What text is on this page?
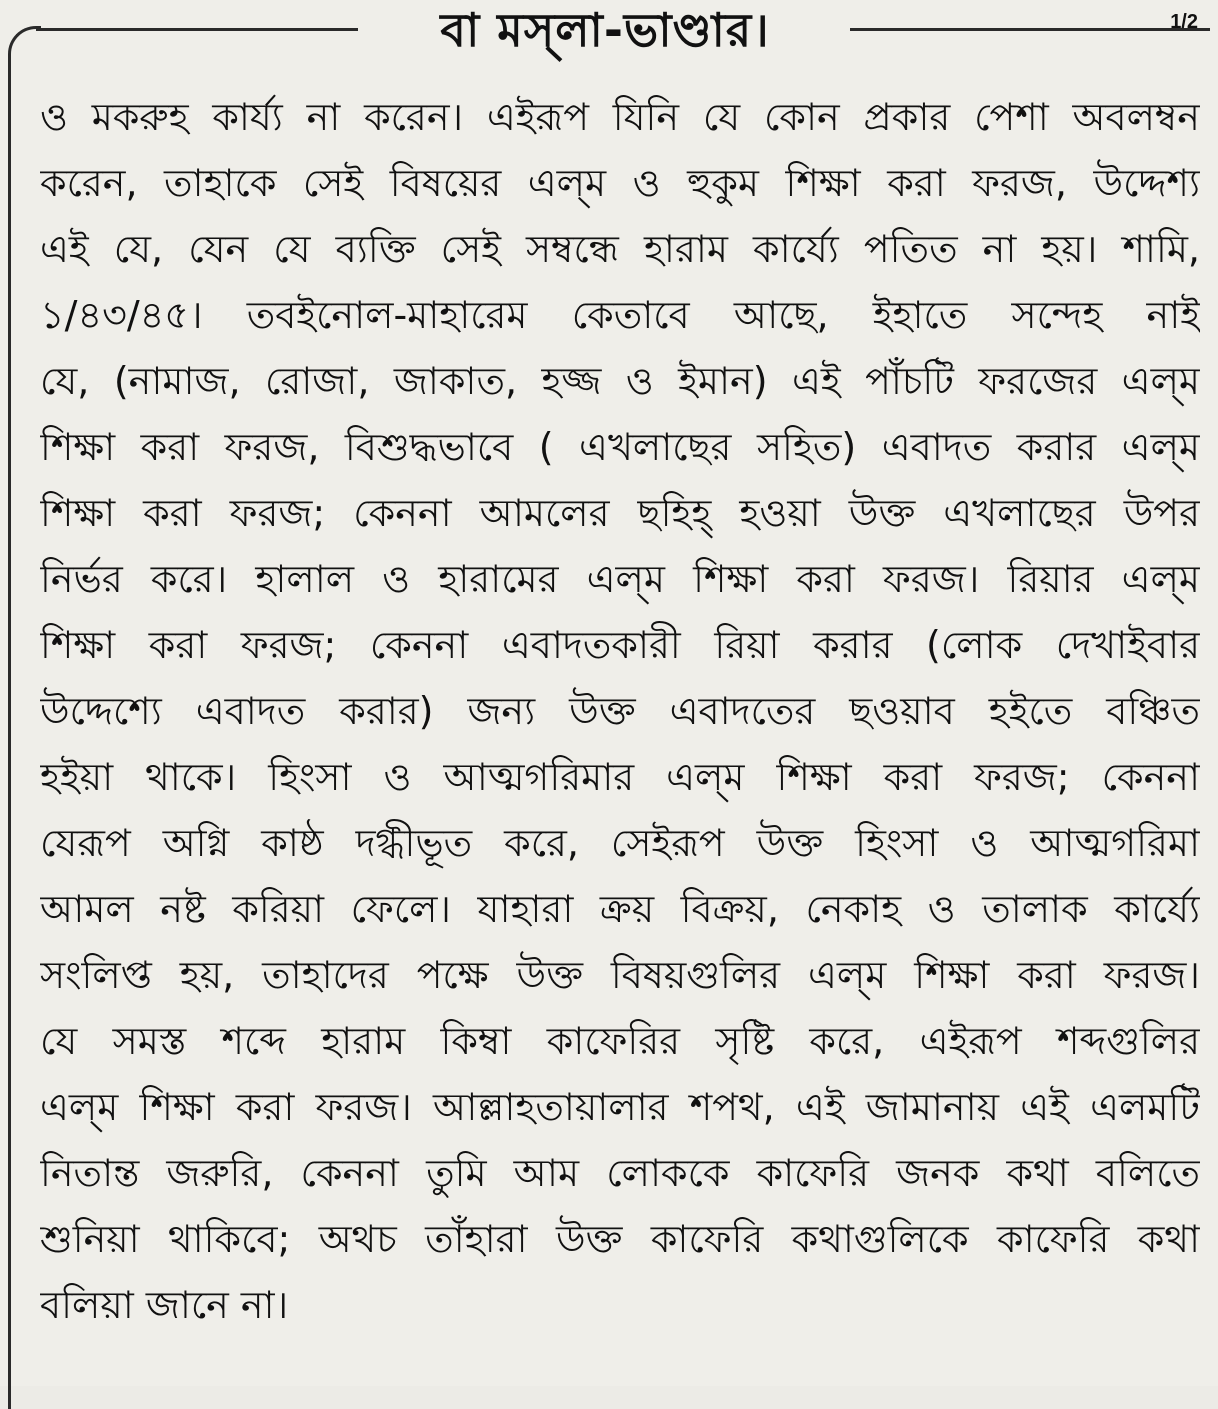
বা মস্‌লা-ভাণ্ডার।	1/2
ও মকরুহ কার্য্য না করেন। এইরূপ যিনি যে কোন প্রকার পেশা অবলম্বন
করেন, তাহাকে সেই বিষয়ের এল্‌ম ও হুকুম শিক্ষা করা ফরজ, উদ্দেশ্য
এই যে, যেন যে ব্যক্তি সেই সম্বন্ধে হারাম কার্য্যে পতিত না হয়। শামি,
১/৪৩/৪৫। তবইনোল-মাহারেম কেতাবে আছে, ইহাতে সন্দেহ নাই
যে, (নামাজ, রোজা, জাকাত, হজ্জ ও ইমান) এই পাঁচটি ফরজের এল্‌ম
শিক্ষা করা ফরজ, বিশুদ্ধভাবে ( এখলাছের সহিত) এবাদত করার এল্‌ম
শিক্ষা করা ফরজ; কেননা আমলের ছহিহ্‌ হওয়া উক্ত এখলাছের উপর
নির্ভর করে। হালাল ও হারামের এল্‌ম শিক্ষা করা ফরজ। রিয়ার এল্‌ম
শিক্ষা করা ফরজ; কেননা এবাদতকারী রিয়া করার (লোক দেখাইবার
উদ্দেশ্যে এবাদত করার) জন্য উক্ত এবাদতের ছওয়াব হইতে বঞ্চিত
হইয়া থাকে। হিংসা ও আত্মগরিমার এল্‌ম শিক্ষা করা ফরজ; কেননা
যেরূপ অগ্নি কাষ্ঠ দগ্ধীভূত করে, সেইরূপ উক্ত হিংসা ও আত্মগরিমা
আমল নষ্ট করিয়া ফেলে। যাহারা ক্রয় বিক্রয়, নেকাহ ও তালাক কার্য্যে
সংলিপ্ত হয়, তাহাদের পক্ষে উক্ত বিষয়গুলির এল্‌ম শিক্ষা করা ফরজ।
যে সমস্ত শব্দে হারাম কিম্বা কাফেরির সৃষ্টি করে, এইরূপ শব্দগুলির
এল্‌ম শিক্ষা করা ফরজ। আল্লাহতায়ালার শপথ, এই জামানায় এই এলমটি
নিতান্ত জরুরি, কেননা তুমি আম লোককে কাফেরি জনক কথা বলিতে
শুনিয়া থাকিবে; অথচ তাঁহারা উক্ত কাফেরি কথাগুলিকে কাফেরি কথা
বলিয়া জানে না।
